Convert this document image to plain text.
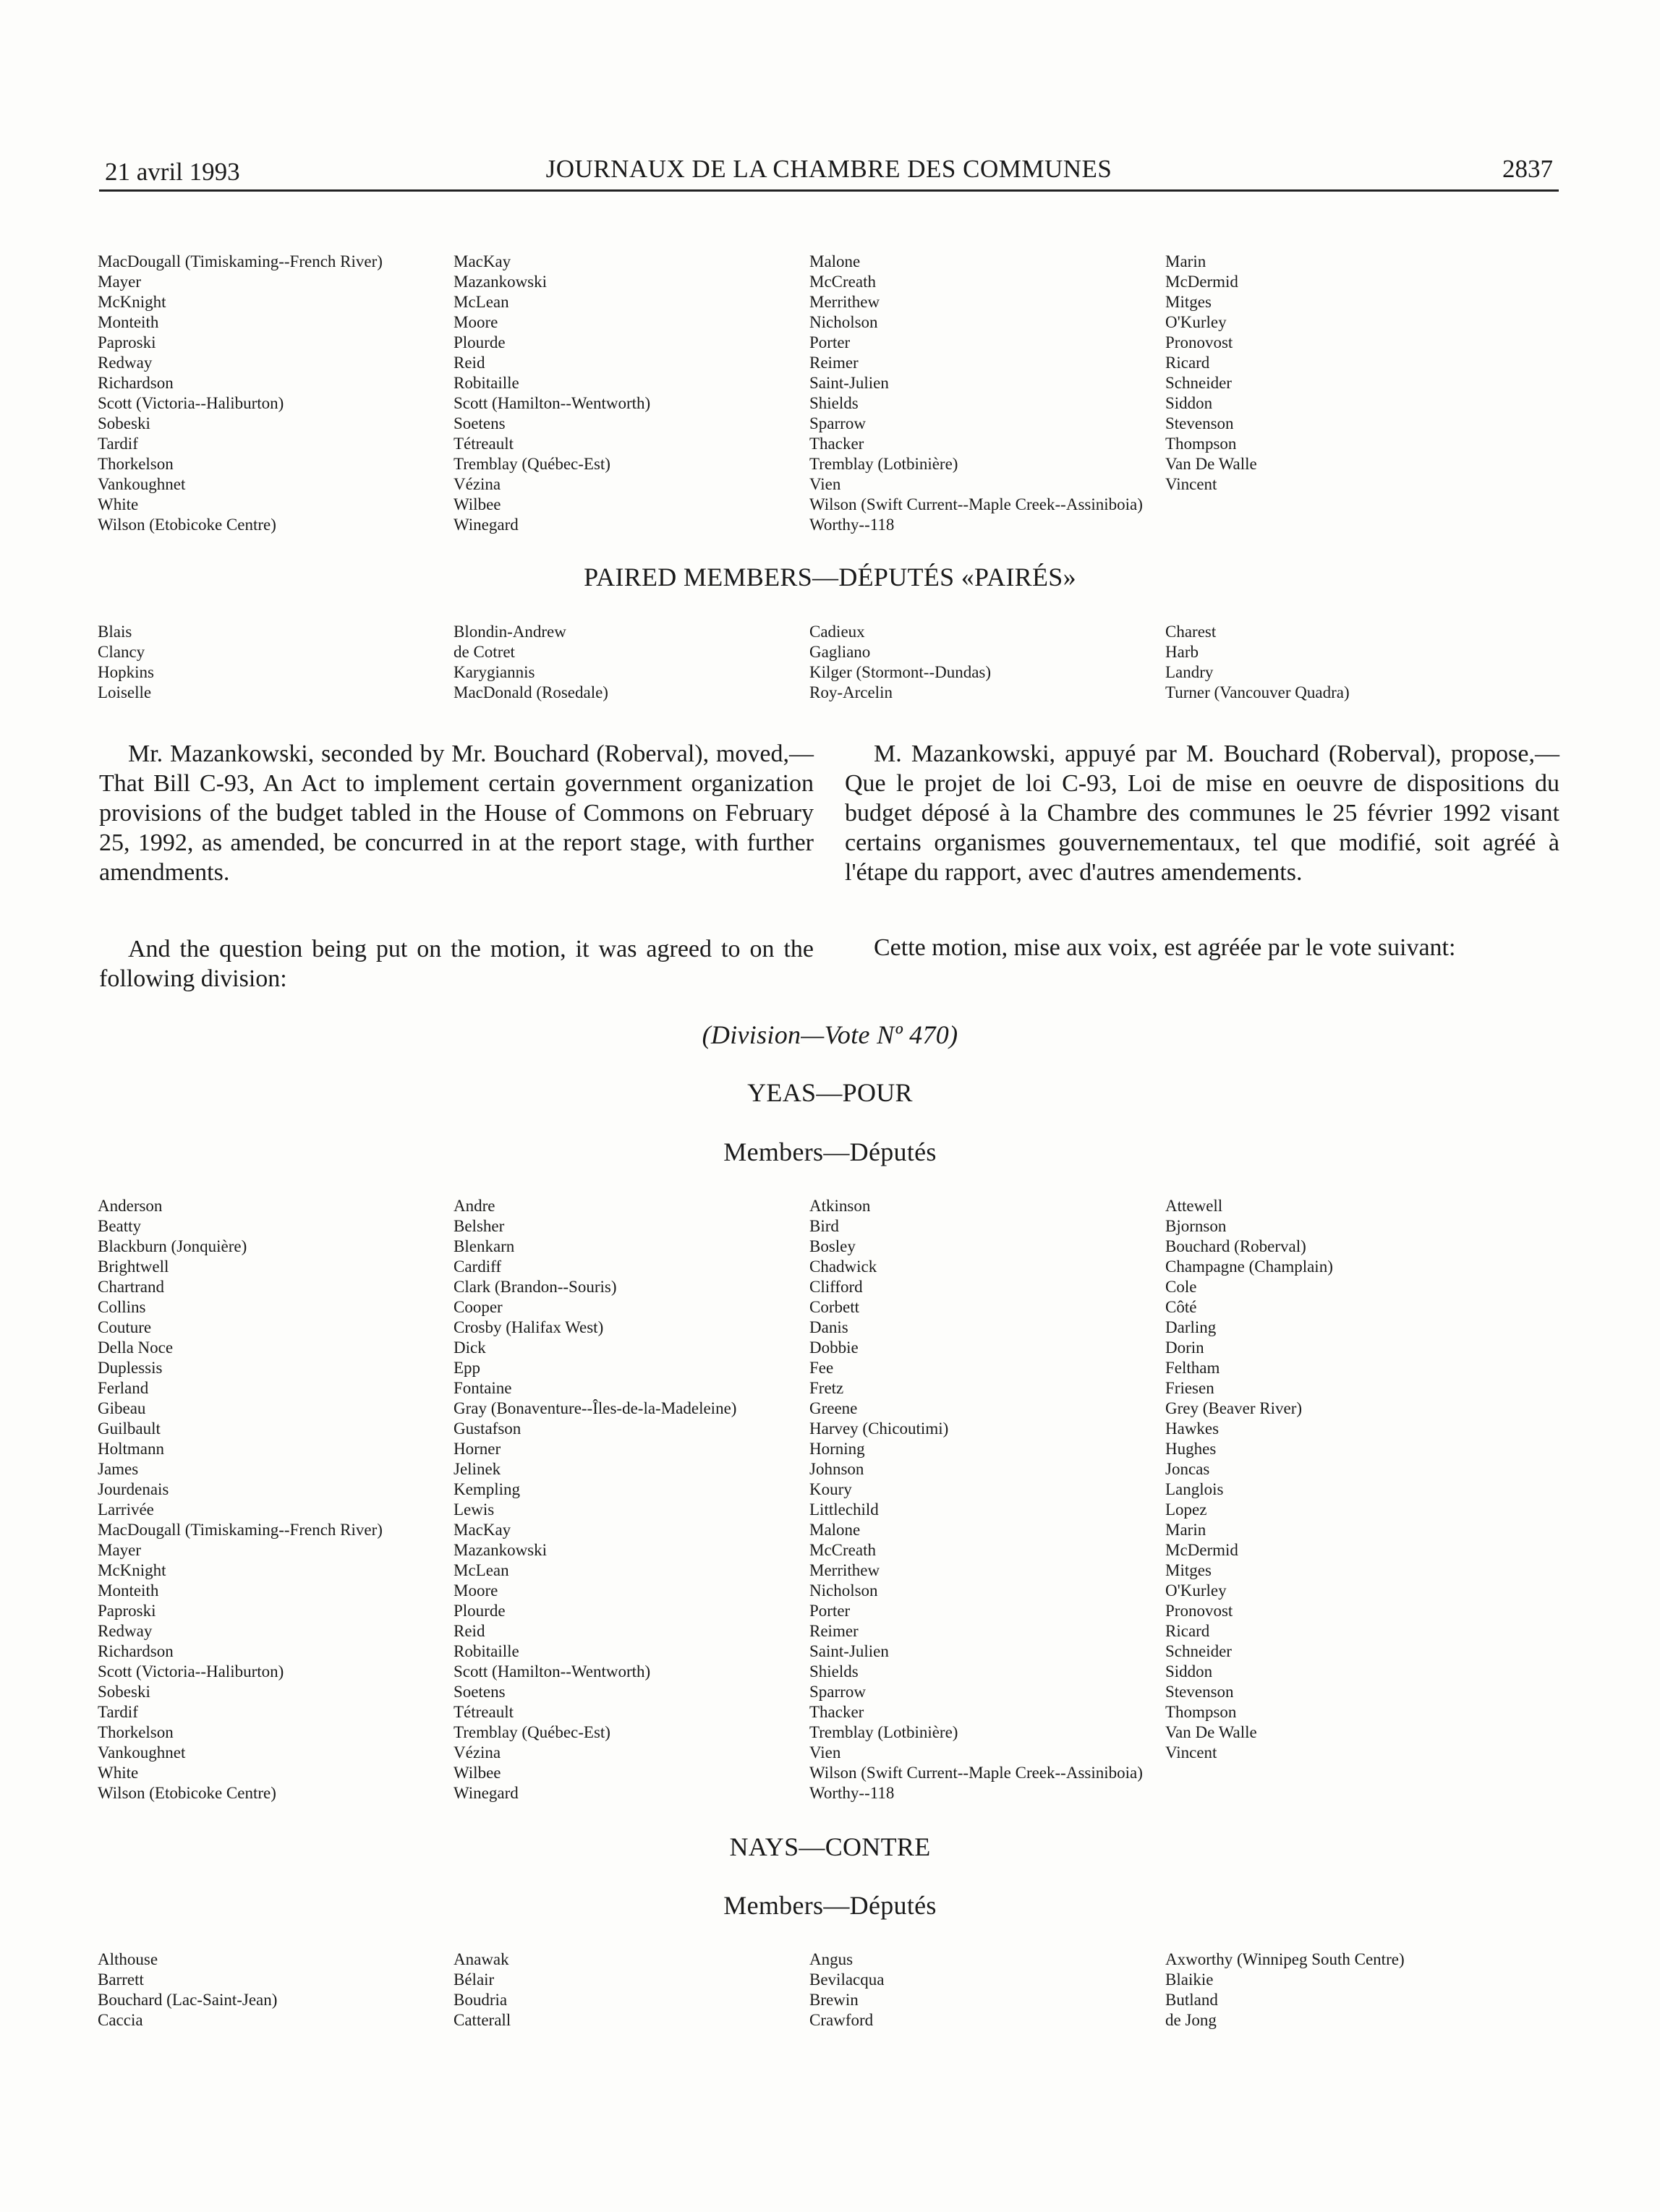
21 avril 1993	JOURNAUX DE LA CHAMBRE DES COMMUNES	2837
MacDougall (Timiskaming--French River)
Mayer
McKnight
Monteith
Paproski
Redway
Richardson
Scott (Victoria--Haliburton)
Sobeski
Tardif
Thorkelson
Vankoughnet
White
Wilson (Etobicoke Centre)
MacKay
Mazankowski
McLean
Moore
Plourde
Reid
Robitaille
Scott (Hamilton--Wentworth)
Soetens
Tétreault
Tremblay (Québec-Est)
Vézina
Wilbee
Winegard
Malone
McCreath
Merrithew
Nicholson
Porter
Reimer
Saint-Julien
Shields
Sparrow
Thacker
Tremblay (Lotbinière)
Vien
Wilson (Swift Current--Maple Creek--Assiniboia)
Worthy--118
Marin
McDermid
Mitges
O'Kurley
Pronovost
Ricard
Schneider
Siddon
Stevenson
Thompson
Van De Walle
Vincent
PAIRED MEMBERS—DÉPUTÉS «PAIRÉS»
Blais
Clancy
Hopkins
Loiselle
Blondin-Andrew
de Cotret
Karygiannis
MacDonald (Rosedale)
Cadieux
Gagliano
Kilger (Stormont--Dundas)
Roy-Arcelin
Charest
Harb
Landry
Turner (Vancouver Quadra)

Mr. Mazankowski, seconded by Mr. Bouchard (Roberval), moved,—That Bill C-93, An Act to implement certain government organization provisions of the budget tabled in the House of Commons on February 25, 1992, as amended, be concurred in at the report stage, with further amendments.

M. Mazankowski, appuyé par M. Bouchard (Roberval), propose,—Que le projet de loi C-93, Loi de mise en oeuvre de dispositions du budget déposé à la Chambre des communes le 25 février 1992 visant certains organismes gouvernementaux, tel que modifié, soit agréé à l'étape du rapport, avec d'autres amendements.

And the question being put on the motion, it was agreed to on the following division:

Cette motion, mise aux voix, est agréée par le vote suivant:

(Division—Vote Nº 470)
YEAS—POUR
Members—Députés
Anderson
Beatty
Blackburn (Jonquière)
Brightwell
Chartrand
Collins
Couture
Della Noce
Duplessis
Ferland
Gibeau
Guilbault
Holtmann
James
Jourdenais
Larrivée
MacDougall (Timiskaming--French River)
Mayer
McKnight
Monteith
Paproski
Redway
Richardson
Scott (Victoria--Haliburton)
Sobeski
Tardif
Thorkelson
Vankoughnet
White
Wilson (Etobicoke Centre)
Andre
Belsher
Blenkarn
Cardiff
Clark (Brandon--Souris)
Cooper
Crosby (Halifax West)
Dick
Epp
Fontaine
Gray (Bonaventure--Îles-de-la-Madeleine)
Gustafson
Horner
Jelinek
Kempling
Lewis
MacKay
Mazankowski
McLean
Moore
Plourde
Reid
Robitaille
Scott (Hamilton--Wentworth)
Soetens
Tétreault
Tremblay (Québec-Est)
Vézina
Wilbee
Winegard
Atkinson
Bird
Bosley
Chadwick
Clifford
Corbett
Danis
Dobbie
Fee
Fretz
Greene
Harvey (Chicoutimi)
Horning
Johnson
Koury
Littlechild
Malone
McCreath
Merrithew
Nicholson
Porter
Reimer
Saint-Julien
Shields
Sparrow
Thacker
Tremblay (Lotbinière)
Vien
Wilson (Swift Current--Maple Creek--Assiniboia)
Worthy--118
Attewell
Bjornson
Bouchard (Roberval)
Champagne (Champlain)
Cole
Côté
Darling
Dorin
Feltham
Friesen
Grey (Beaver River)
Hawkes
Hughes
Joncas
Langlois
Lopez
Marin
McDermid
Mitges
O'Kurley
Pronovost
Ricard
Schneider
Siddon
Stevenson
Thompson
Van De Walle
Vincent
NAYS—CONTRE
Members—Députés
Althouse
Barrett
Bouchard (Lac-Saint-Jean)
Caccia
Anawak
Bélair
Boudria
Catterall
Angus
Bevilacqua
Brewin
Crawford
Axworthy (Winnipeg South Centre)
Blaikie
Butland
de Jong
